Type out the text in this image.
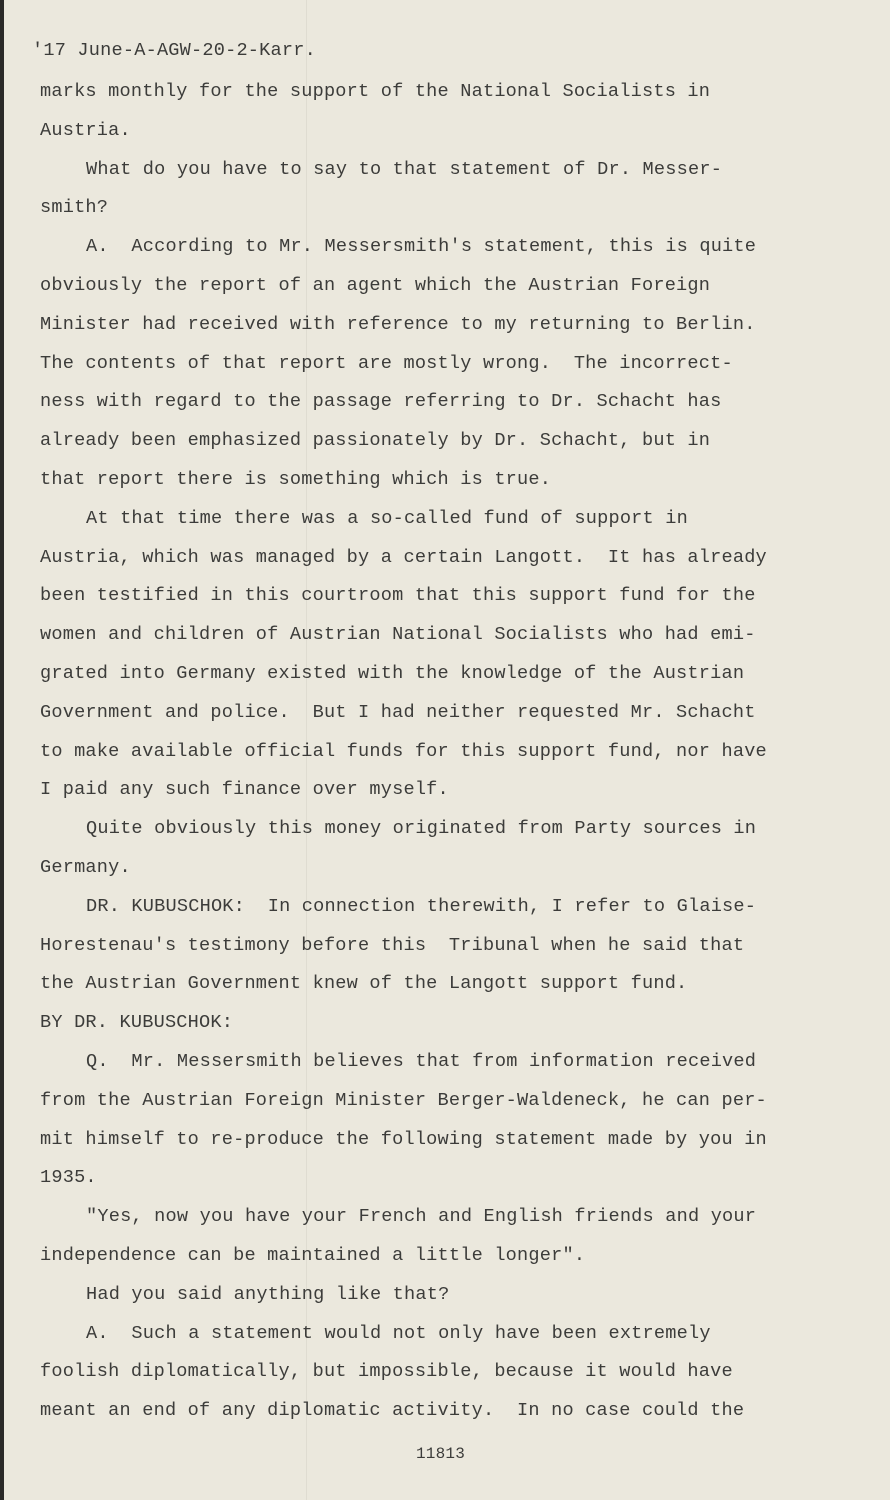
'17 June-A-AGW-20-2-Karr.
marks monthly for the support of the National Socialists in
Austria.
What do you have to say to that statement of Dr. Messer-
smith?
A.  According to Mr. Messersmith's statement, this is quite
obviously the report of an agent which the Austrian Foreign
Minister had received with reference to my returning to Berlin.
The contents of that report are mostly wrong.  The incorrect-
ness with regard to the passage referring to Dr. Schacht has
already been emphasized passionately by Dr. Schacht, but in
that report there is something which is true.
At that time there was a so-called fund of support in
Austria, which was managed by a certain Langott.  It has already
been testified in this courtroom that this support fund for the
women and children of Austrian National Socialists who had emi-
grated into Germany existed with the knowledge of the Austrian
Government and police.  But I had neither requested Mr. Schacht
to make available official funds for this support fund, nor have
I paid any such finance over myself.
Quite obviously this money originated from Party sources in
Germany.
DR. KUBUSCHOK:  In connection therewith, I refer to Glaise-
Horestenau's testimony before this  Tribunal when he said that
the Austrian Government knew of the Langott support fund.
BY DR. KUBUSCHOK:
Q.  Mr. Messersmith believes that from information received
from the Austrian Foreign Minister Berger-Waldeneck, he can per-
mit himself to re-produce the following statement made by you in
1935.
"Yes, now you have your French and English friends and your
independence can be maintained a little longer".
Had you said anything like that?
A.  Such a statement would not only have been extremely
foolish diplomatically, but impossible, because it would have
meant an end of any diplomatic activity.  In no case could the
11813
